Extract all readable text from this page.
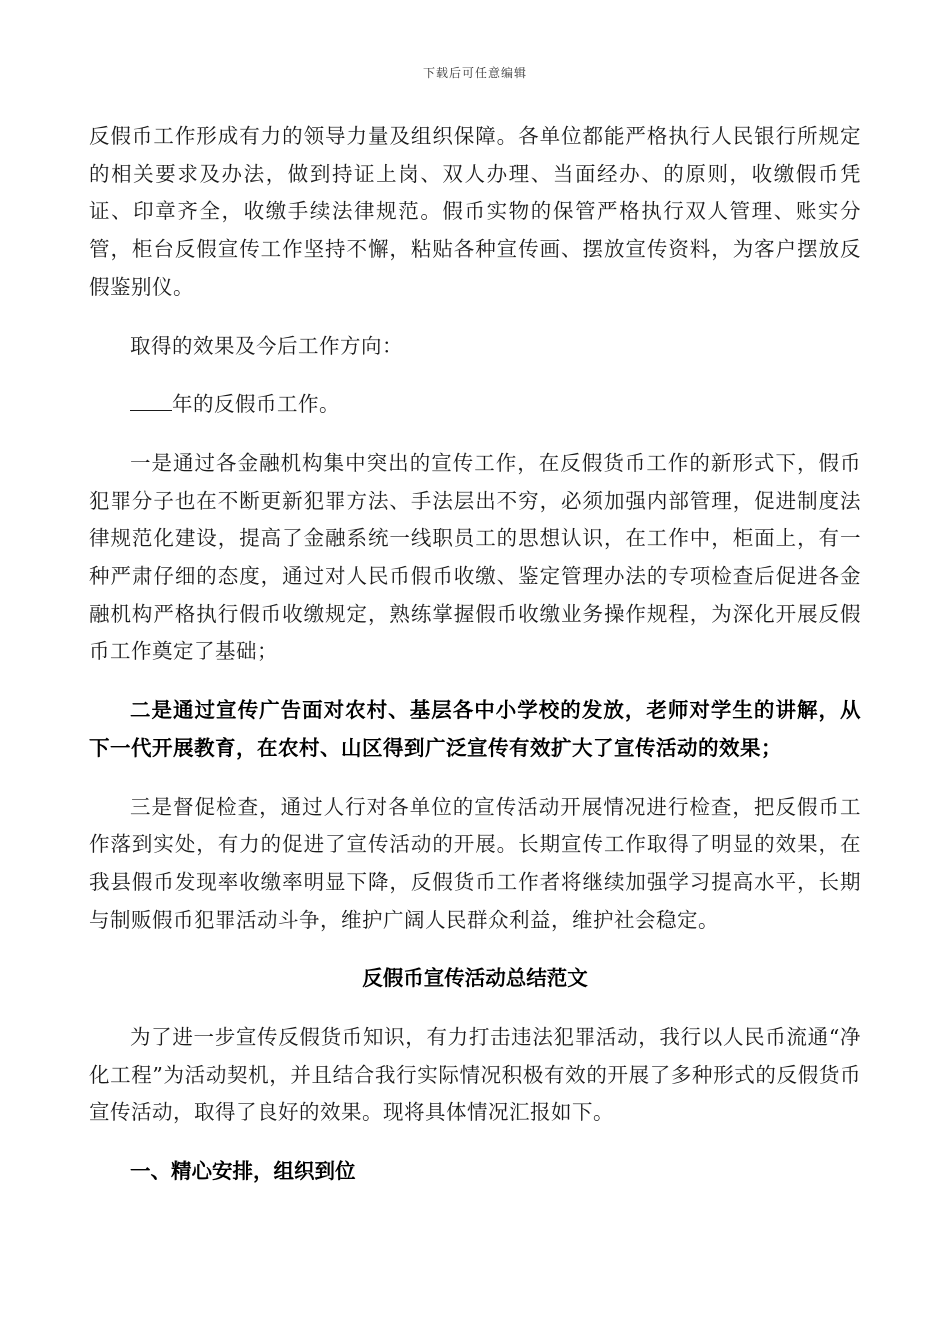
下载后可任意编辑

反假币工作形成有力的领导力量及组织保障。各单位都能严格执行人民银行所规定的相关要求及办法，做到持证上岗、双人办理、当面经办、的原则，收缴假币凭证、印章齐全，收缴手续法律规范。假币实物的保管严格执行双人管理、账实分管，柜台反假宣传工作坚持不懈，粘贴各种宣传画、摆放宣传资料，为客户摆放反假鉴别仪。

取得的效果及今后工作方向：

年的反假币工作。

一是通过各金融机构集中突出的宣传工作，在反假货币工作的新形式下，假币犯罪分子也在不断更新犯罪方法、手法层出不穷，必须加强内部管理，促进制度法律规范化建设，提高了金融系统一线职员工的思想认识，在工作中，柜面上，有一种严肃仔细的态度，通过对人民币假币收缴、鉴定管理办法的专项检查后促进各金融机构严格执行假币收缴规定，熟练掌握假币收缴业务操作规程，为深化开展反假币工作奠定了基础；

二是通过宣传广告面对农村、基层各中小学校的发放，老师对学生的讲解，从下一代开展教育，在农村、山区得到广泛宣传有效扩大了宣传活动的效果；

三是督促检查，通过人行对各单位的宣传活动开展情况进行检查，把反假币工作落到实处，有力的促进了宣传活动的开展。长期宣传工作取得了明显的效果，在我县假币发现率收缴率明显下降，反假货币工作者将继续加强学习提高水平，长期与制贩假币犯罪活动斗争，维护广阔人民群众利益，维护社会稳定。

反假币宣传活动总结范文

为了进一步宣传反假货币知识，有力打击违法犯罪活动，我行以人民币流通“净化工程”为活动契机，并且结合我行实际情况积极有效的开展了多种形式的反假货币宣传活动，取得了良好的效果。现将具体情况汇报如下。

一、精心安排，组织到位
